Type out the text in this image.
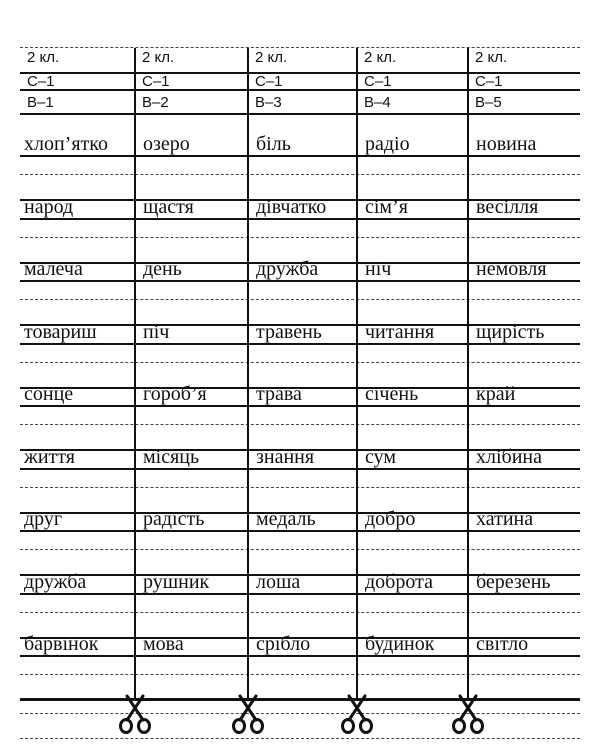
2 кл.
С–1
В–1
хлоп’ятко
народ
малеча
товариш
сонце
життя
друг
дружба
барвінок
2 кл.
С–1
В–2
озеро
щастя
день
піч
гороб’я
місяць
радість
рушник
мова
2 кл.
С–1
В–3
біль
дівчатко
дружба
травень
трава
знання
медаль
лоша
срібло
2 кл.
С–1
В–4
радіо
сім’я
ніч
читання
січень
сум
добро
доброта
будинок
2 кл.
С–1
В–5
новина
весілля
немовля
щирість
край
хлібина
хатина
березень
світло
